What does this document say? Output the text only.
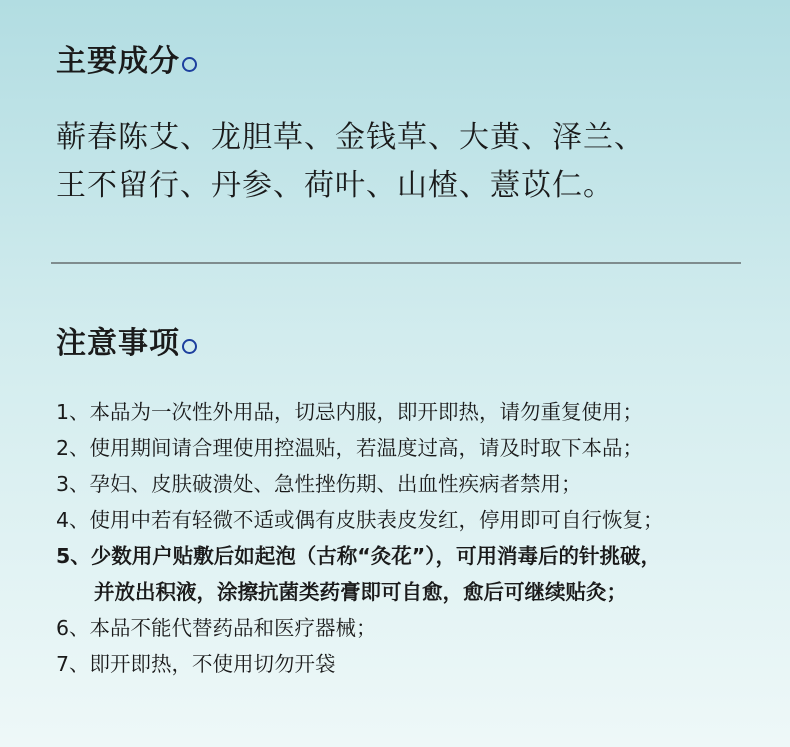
主要成分
蕲春陈艾、龙胆草、金钱草、大黄、泽兰、
王不留行、丹参、荷叶、山楂、薏苡仁。
注意事项
1、本品为一次性外用品，切忌内服，即开即热，请勿重复使用；
2、使用期间请合理使用控温贴，若温度过高，请及时取下本品；
3、孕妇、皮肤破溃处、急性挫伤期、出血性疾病者禁用；
4、使用中若有轻微不适或偶有皮肤表皮发红，停用即可自行恢复；
5、少数用户贴敷后如起泡（古称“灸花”），可用消毒后的针挑破，
并放出积液，涂擦抗菌类药膏即可自愈，愈后可继续贴灸；
6、本品不能代替药品和医疗器械；
7、即开即热，不使用切勿开袋
